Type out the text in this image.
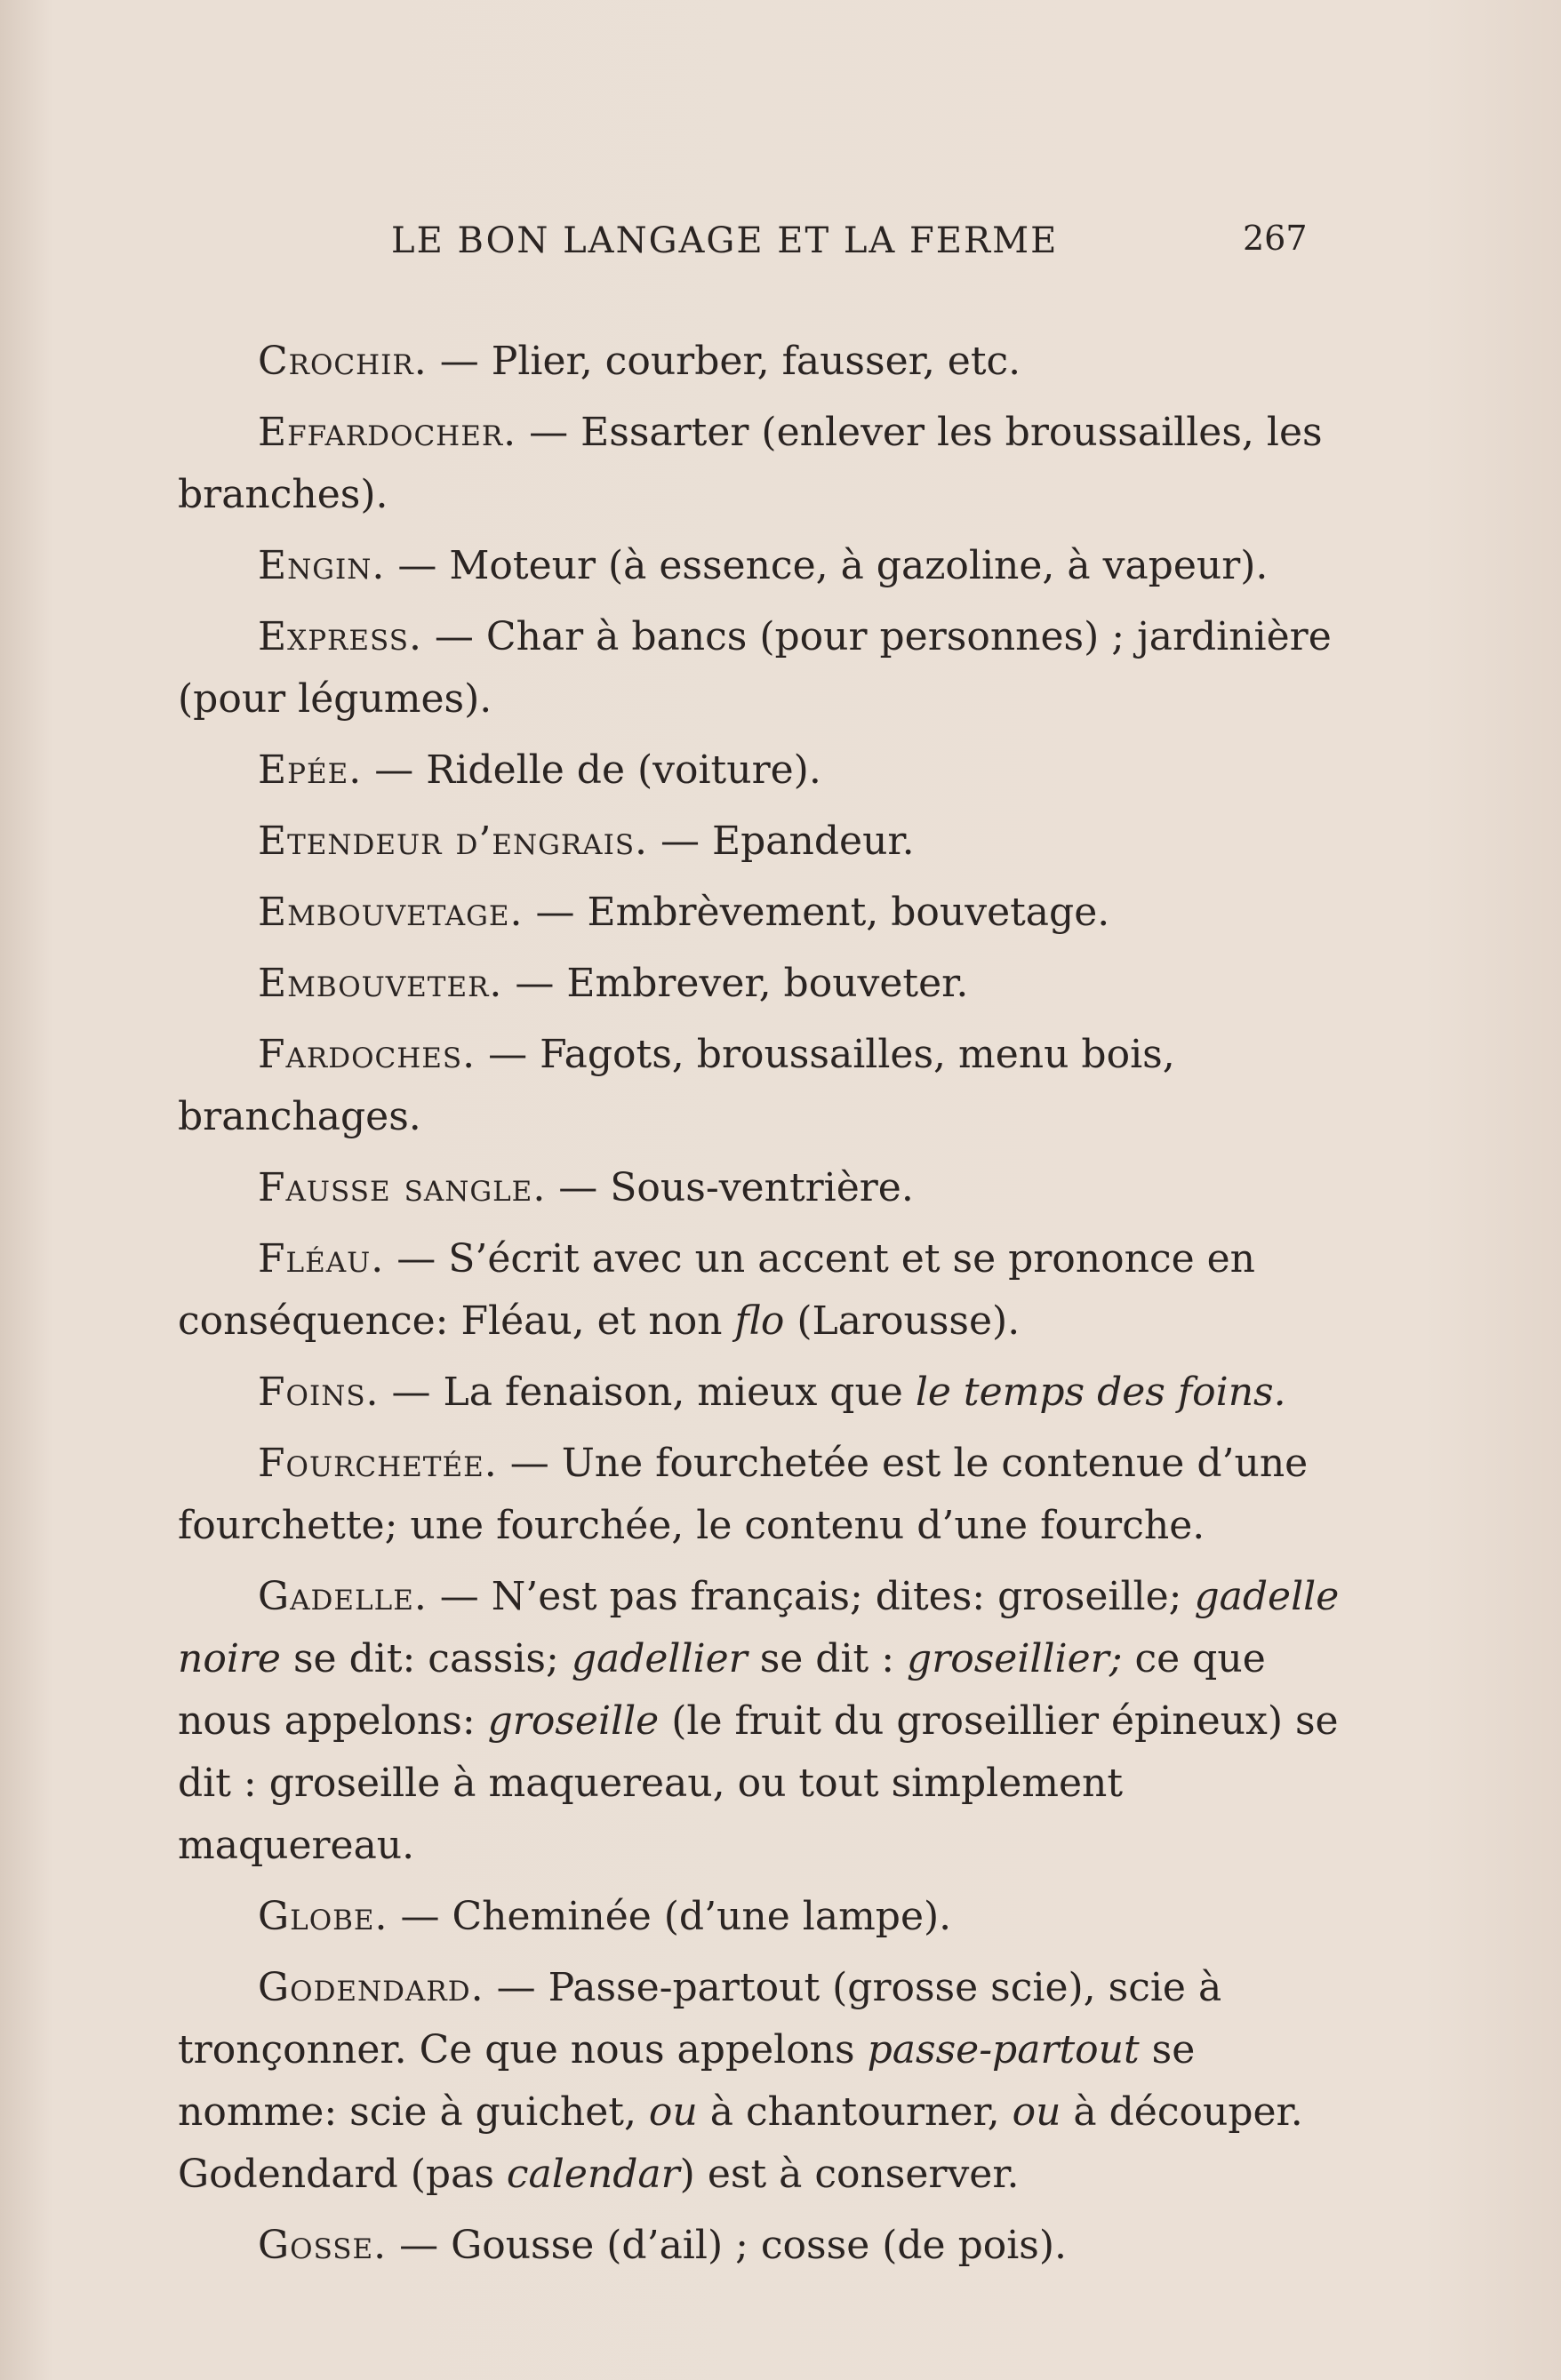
LE BON LANGAGE ET LA FERME	267

Crochir. — Plier, courber, fausser, etc.

Effardocher. — Essarter (enlever les broussailles, les branches).

Engin. — Moteur (à essence, à gazoline, à vapeur).

Express. — Char à bancs (pour personnes) ; jardinière (pour légumes).

Epée. — Ridelle de (voiture).

Etendeur d’engrais. — Epandeur.

Embouvetage. — Embrèvement, bouvetage.

Embouveter. — Embrever, bouveter.

Fardoches. — Fagots, broussailles, menu bois, branchages.

Fausse sangle. — Sous-ventrière.

Fléau. — S’écrit avec un accent et se prononce en conséquence: Fléau, et non flo (Larousse).

Foins. — La fenaison, mieux que le temps des foins.

Fourchetée. — Une fourchetée est le contenue d’une fourchette; une fourchée, le contenu d’une fourche.

Gadelle. — N’est pas français; dites: groseille; gadelle noire se dit: cassis; gadellier se dit : groseillier; ce que nous appelons: groseille (le fruit du groseillier épineux) se dit : groseille à maquereau, ou tout simplement maquereau.

Globe. — Cheminée (d’une lampe).

Godendard. — Passe-partout (grosse scie), scie à tronçonner. Ce que nous appelons passe-partout se nomme: scie à guichet, ou à chantourner, ou à découper. Godendard (pas calendar) est à conserver.

Gosse. — Gousse (d’ail) ; cosse (de pois).
